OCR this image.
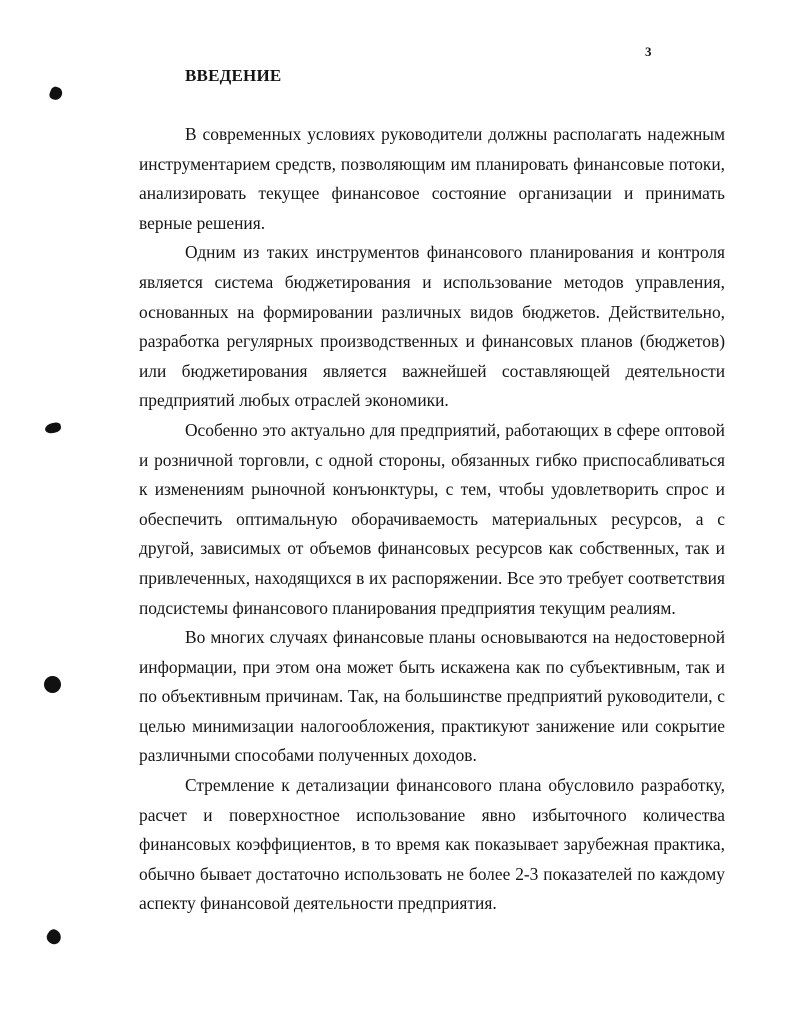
3
ВВЕДЕНИЕ

В современных условиях руководители должны располагать надежным инструментарием средств, позволяющим им планировать финансовые потоки, анализировать текущее финансовое состояние организации и принимать верные решения.

Одним из таких инструментов финансового планирования и контроля является система бюджетирования и использование методов управления, основанных на формировании различных видов бюджетов. Действительно, разработка регулярных производственных и финансовых планов (бюджетов) или бюджетирования является важнейшей составляющей деятельности предприятий любых отраслей экономики.

Особенно это актуально для предприятий, работающих в сфере оптовой и розничной торговли, с одной стороны, обязанных гибко приспосабливаться к изменениям рыночной конъюнктуры, с тем, чтобы удовлетворить спрос и обеспечить оптимальную оборачиваемость материальных ресурсов, а с другой, зависимых от объемов финансовых ресурсов как собственных, так и привлеченных, находящихся в их распоряжении. Все это требует соответствия подсистемы финансового планирования предприятия текущим реалиям.

Во многих случаях финансовые планы основываются на недостоверной информации, при этом она может быть искажена как по субъективным, так и по объективным причинам. Так, на большинстве предприятий руководители, с целью минимизации налогообложения, практикуют занижение или сокрытие различными способами полученных доходов.

Стремление к детализации финансового плана обусловило разработку, расчет и поверхностное использование явно избыточного количества финансовых коэффициентов, в то время как показывает зарубежная практика, обычно бывает достаточно использовать не более 2-3 показателей по каждому аспекту финансовой деятельности предприятия.
